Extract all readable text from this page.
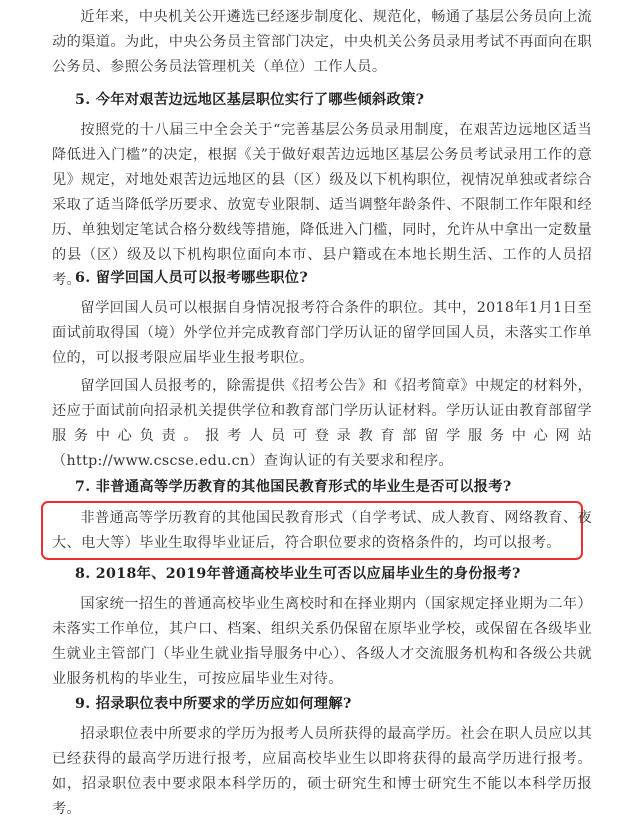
近年来，中央机关公开遴选已经逐步制度化、规范化，畅通了基层公务员向上流动的渠道。为此，中央公务员主管部门决定，中央机关公务员录用考试不再面向在职公务员、参照公务员法管理机关（单位）工作人员。

5. 今年对艰苦边远地区基层职位实行了哪些倾斜政策?

按照党的十八届三中全会关于“完善基层公务员录用制度，在艰苦边远地区适当降低进入门槛”的决定，根据《关于做好艰苦边远地区基层公务员考试录用工作的意见》规定，对地处艰苦边远地区的县（区）级及以下机构职位，视情况单独或者综合采取了适当降低学历要求、放宽专业限制、适当调整年龄条件、不限制工作年限和经历、单独划定笔试合格分数线等措施，降低进入门槛，同时，允许从中拿出一定数量的县（区）级及以下机构职位面向本市、县户籍或在本地长期生活、工作的人员招考。

6. 留学回国人员可以报考哪些职位?

留学回国人员可以根据自身情况报考符合条件的职位。其中，2018年1月1日至面试前取得国（境）外学位并完成教育部门学历认证的留学回国人员，未落实工作单位的，可以报考限应届毕业生报考职位。

留学回国人员报考的，除需提供《招考公告》和《招考简章》中规定的材料外，还应于面试前向招录机关提供学位和教育部门学历认证材料。学历认证由教育部留学服务中心负责。报考人员可登录教育部留学服务中心网站（http://www.cscse.edu.cn）查询认证的有关要求和程序。

7. 非普通高等学历教育的其他国民教育形式的毕业生是否可以报考?

非普通高等学历教育的其他国民教育形式（自学考试、成人教育、网络教育、夜大、电大等）毕业生取得毕业证后，符合职位要求的资格条件的，均可以报考。

8. 2018年、2019年普通高校毕业生可否以应届毕业生的身份报考?

国家统一招生的普通高校毕业生离校时和在择业期内（国家规定择业期为二年）未落实工作单位，其户口、档案、组织关系仍保留在原毕业学校，或保留在各级毕业生就业主管部门（毕业生就业指导服务中心）、各级人才交流服务机构和各级公共就业服务机构的毕业生，可按应届毕业生对待。

9. 招录职位表中所要求的学历应如何理解?

招录职位表中所要求的学历为报考人员所获得的最高学历。社会在职人员应以其已经获得的最高学历进行报考，应届高校毕业生以即将获得的最高学历进行报考。如，招录职位表中要求限本科学历的，硕士研究生和博士研究生不能以本科学历报考。
